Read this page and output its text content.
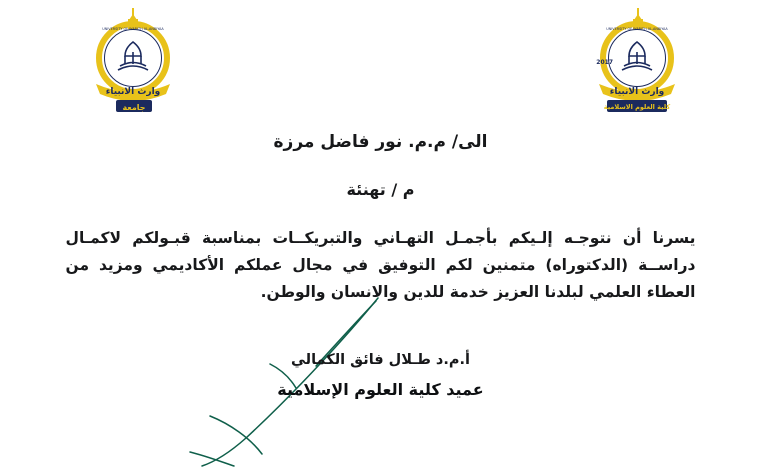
UNIVERSITY OF WARITH AL-ANBIYAA
وارث الانبياء
جامعة
UNIVERSITY OF WARITH AL-ANBIYAA
2017
وارث الانبياء
كلية العلوم الاسلامية

الى/ م.م. نور فاضل مرزة

م / تهنئة

يسرنا أن نتوجـه إلـيكم بأجمـل التهـاني والتبريكــات بمناسبة قبـولكم لاكمـال دراســة (الدكتوراه) متمنين لكم التوفيق في مجال عملكم الأكاديمي ومزيد من العطاء العلمي لبلدنا العزيز خدمة للدين والانسان والوطن.

أ.م.د طـلال فائق الكمالي

عميد كلية العلوم الإسلامية
